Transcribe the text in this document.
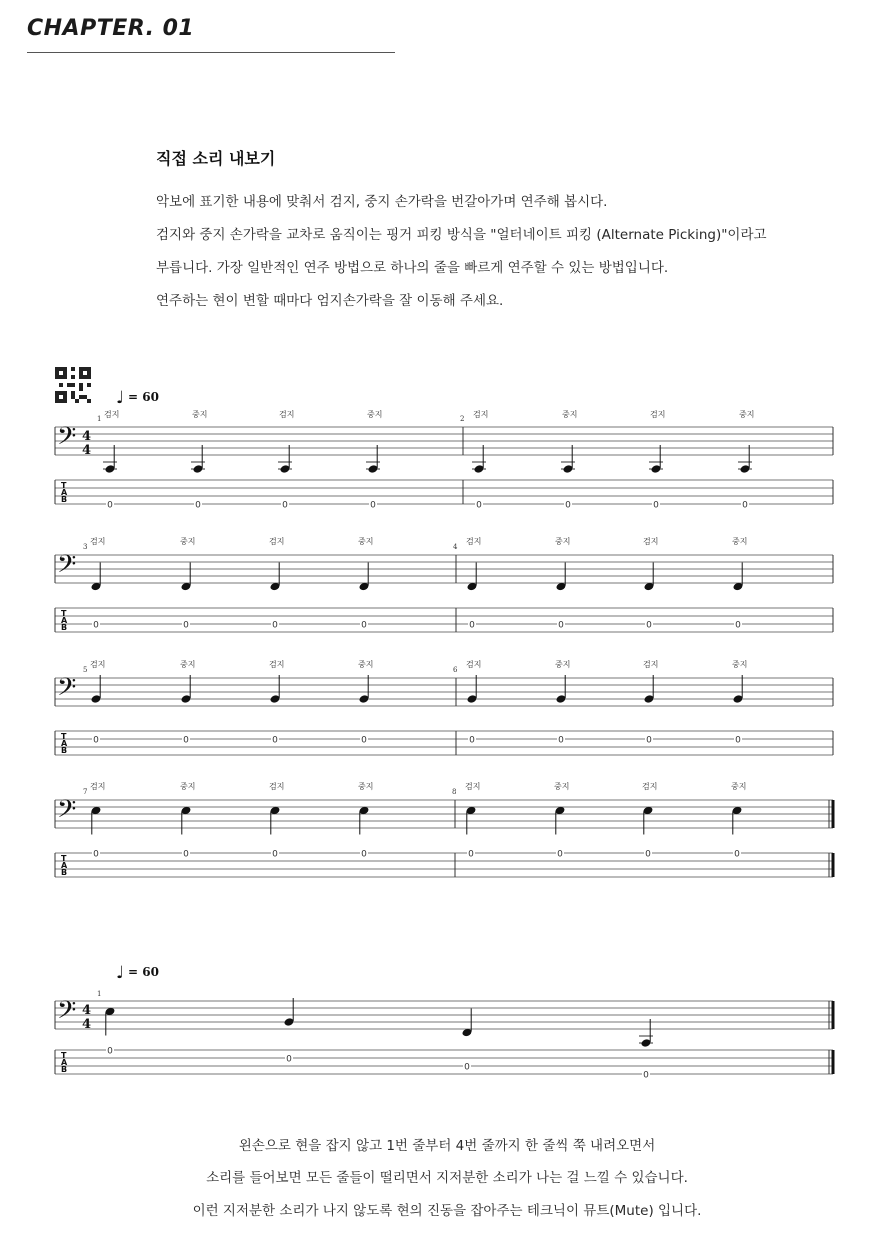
CHAPTER. 01
직접 소리 내보기
악보에 표기한 내용에 맞춰서 검지, 중지 손가락을 번갈아가며 연주해 봅시다.
검지와 중지 손가락을 교차로 움직이는 핑거 피킹 방식을 "얼터네이트 피킹 (Alternate Picking)"이라고
부릅니다. 가장 일반적인 연주 방법으로 하나의 줄을 빠르게 연주할 수 있는 방법입니다.
연주하는 현이 변할 때마다 엄지손가락을 잘 이동해 주세요.
♩ = 60
♩ = 60
𝄢
T
A
B
4
4
1	2
0
검지
0
중지
0
검지
0
중지
0
검지
0
중지
0
검지
0
중지
𝄢
T
A
B
3	4
0
검지
0
중지
0
검지
0
중지
0
검지
0
중지
0
검지
0
중지
𝄢
T
A
B
5	6
0
검지
0
중지
0
검지
0
중지
0
검지
0
중지
0
검지
0
중지
𝄢
T
A
B
7	8
0
검지
0
중지
0
검지
0
중지
0
검지
0
중지
0
검지
0
중지
𝄢
T
A
B
4
4
1
0
0
0
0
왼손으로 현을 잡지 않고 1번 줄부터 4번 줄까지 한 줄씩 쭉 내려오면서
소리를 들어보면 모든 줄들이 떨리면서 지저분한 소리가 나는 걸 느낄 수 있습니다.
이런 지저분한 소리가 나지 않도록 현의 진동을 잡아주는 테크닉이 뮤트(Mute) 입니다.
